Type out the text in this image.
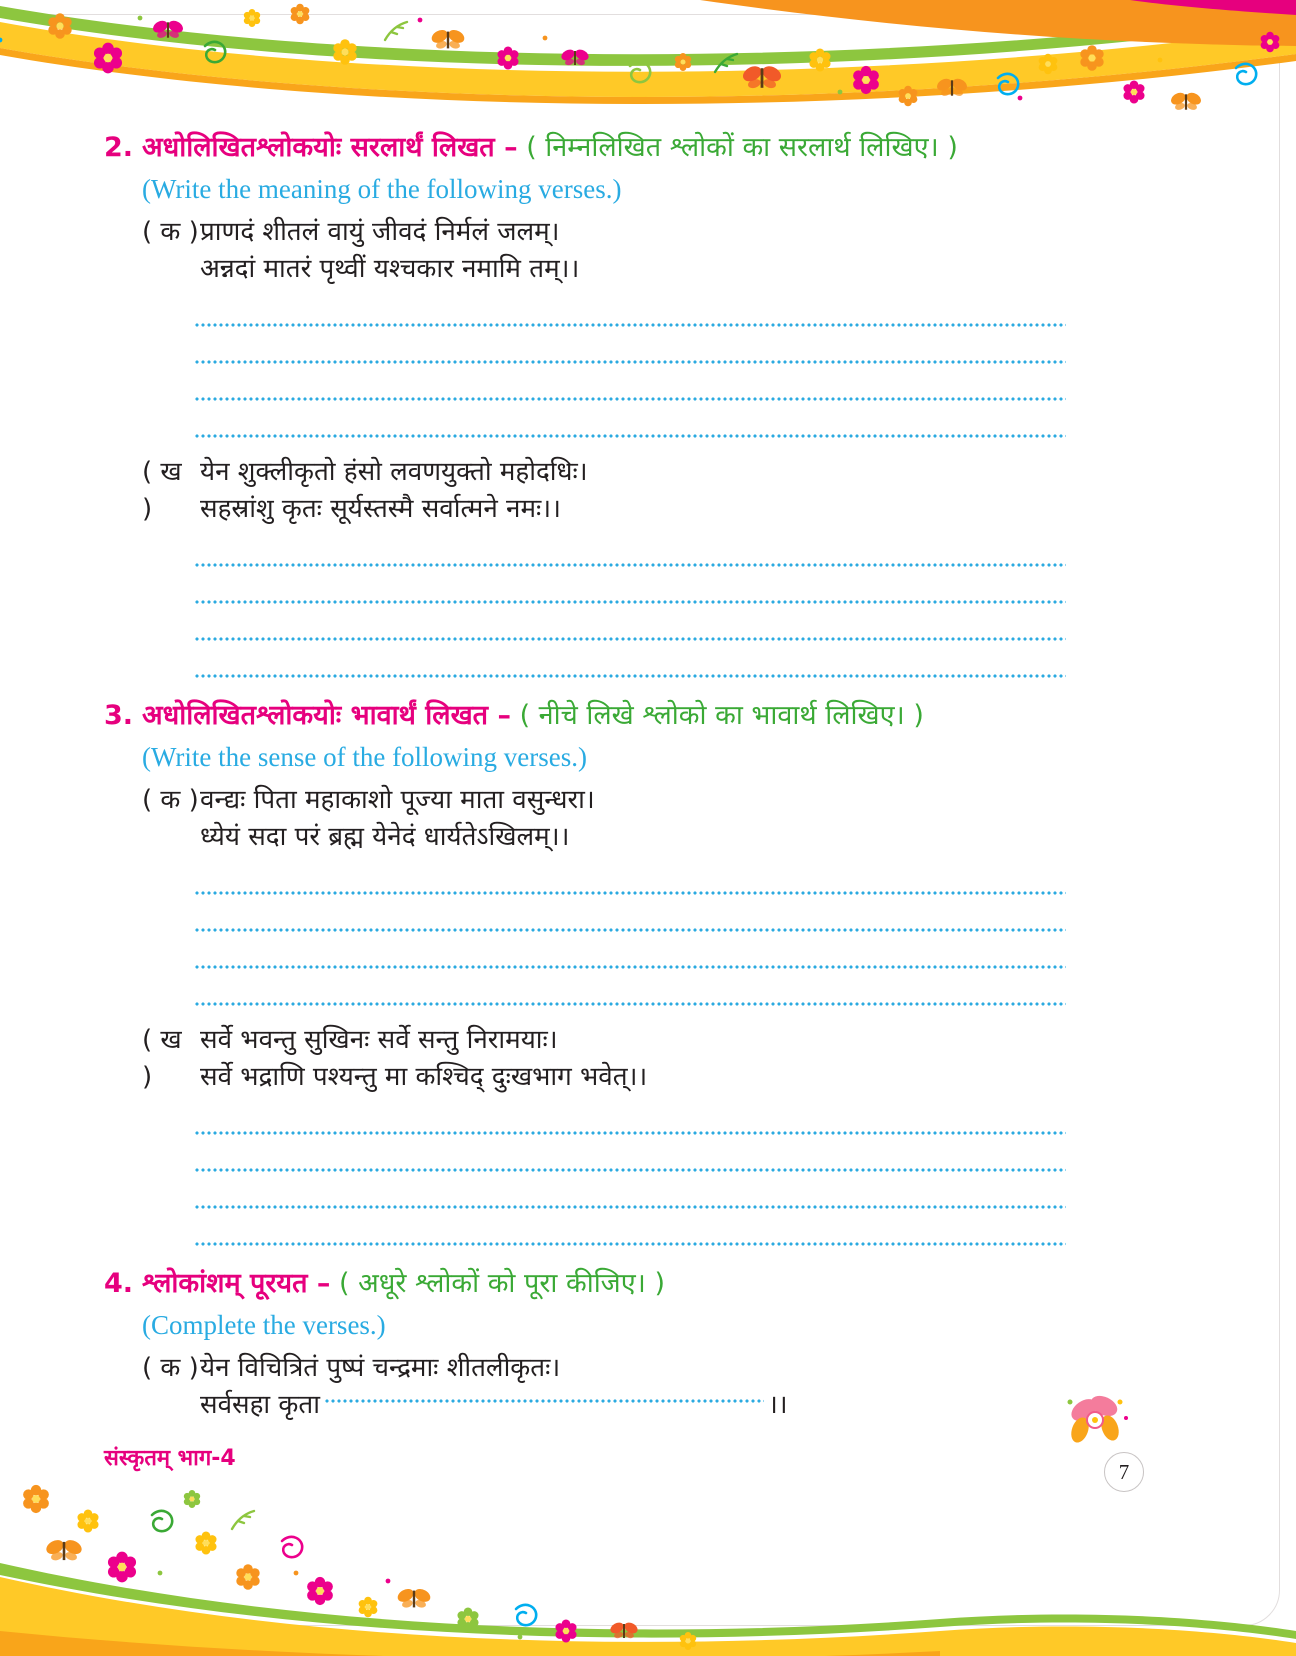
2. अधोलिखितश्लोकयोः सरलार्थं लिखत – ( निम्नलिखित श्लोकों का सरलार्थ लिखिए। )
(Write the meaning of the following verses.)
( क ) प्राणदं शीतलं वायुं जीवदं निर्मलं जलम्।
अन्नदां मातरं पृथ्वीं यश्चकार नमामि तम्।।
( ख )
येन शुक्लीकृतो हंसो लवणयुक्तो महोदधिः।
सहस्रांशु कृतः सूर्यस्तस्मै सर्वात्मने नमः।।
3. अधोलिखितश्लोकयोः भावार्थं लिखत – ( नीचे लिखे श्लोको का भावार्थ लिखिए। )
(Write the sense of the following verses.)
( क ) वन्द्यः पिता महाकाशो पूज्या माता वसुन्धरा।
ध्येयं सदा परं ब्रह्म येनेदं धार्यतेऽखिलम्।।
( ख )
सर्वे भवन्तु सुखिनः सर्वे सन्तु निरामयाः।
सर्वे भद्राणि पश्यन्तु मा कश्चिद् दुःखभाग भवेत्।।
4. श्लोकांशम् पूरयत – ( अधूरे श्लोकों को पूरा कीजिए। )
(Complete the verses.)
( क ) येन विचित्रितं पुष्पं चन्द्रमाः शीतलीकृतः।
सर्वसहा कृता	।।
संस्कृतम् भाग-4
7
